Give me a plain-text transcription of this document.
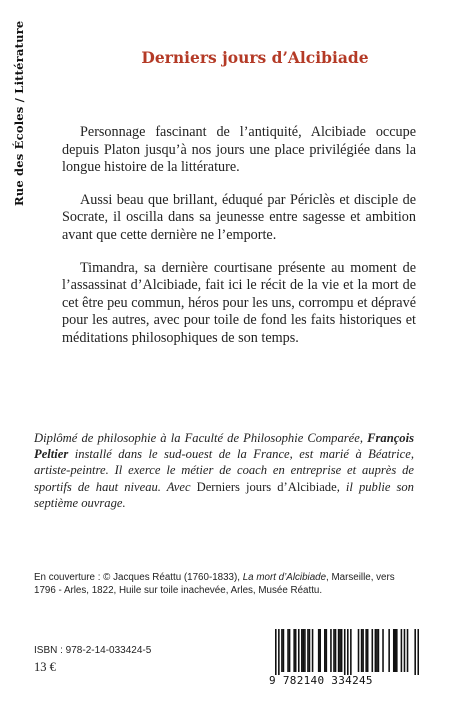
Rue des Écoles / Littérature	Derniers jours d’Alcibiade

Personnage fascinant de l’antiquité, Alcibiade occupe depuis Platon jusqu’à nos jours une place privilégiée dans la longue histoire de la littérature.

Aussi beau que brillant, éduqué par Périclès et disciple de Socrate, il oscilla dans sa jeunesse entre sagesse et ambition avant que cette dernière ne l’emporte.

Timandra, sa dernière courtisane présente au moment de l’assassinat d’Alcibiade, fait ici le récit de la vie et la mort de cet être peu commun, héros pour les uns, corrompu et dépravé pour les autres, avec pour toile de fond les faits historiques et méditations philosophiques de son temps.

Diplômé de philosophie à la Faculté de Philosophie Comparée, François Peltier installé dans le sud-ouest de la France, est marié à Béatrice, artiste-peintre. Il exerce le métier de coach en entreprise et auprès de sportifs de haut niveau. Avec Derniers jours d’Alcibiade, il publie son septième ouvrage.

En couverture : © Jacques Réattu (1760-1833), La mort d’Alcibiade, Marseille, vers 1796 - Arles, 1822, Huile sur toile inachevée, Arles, Musée Réattu.

ISBN : 978-2-14-033424-5
13 €
9 782140 334245
